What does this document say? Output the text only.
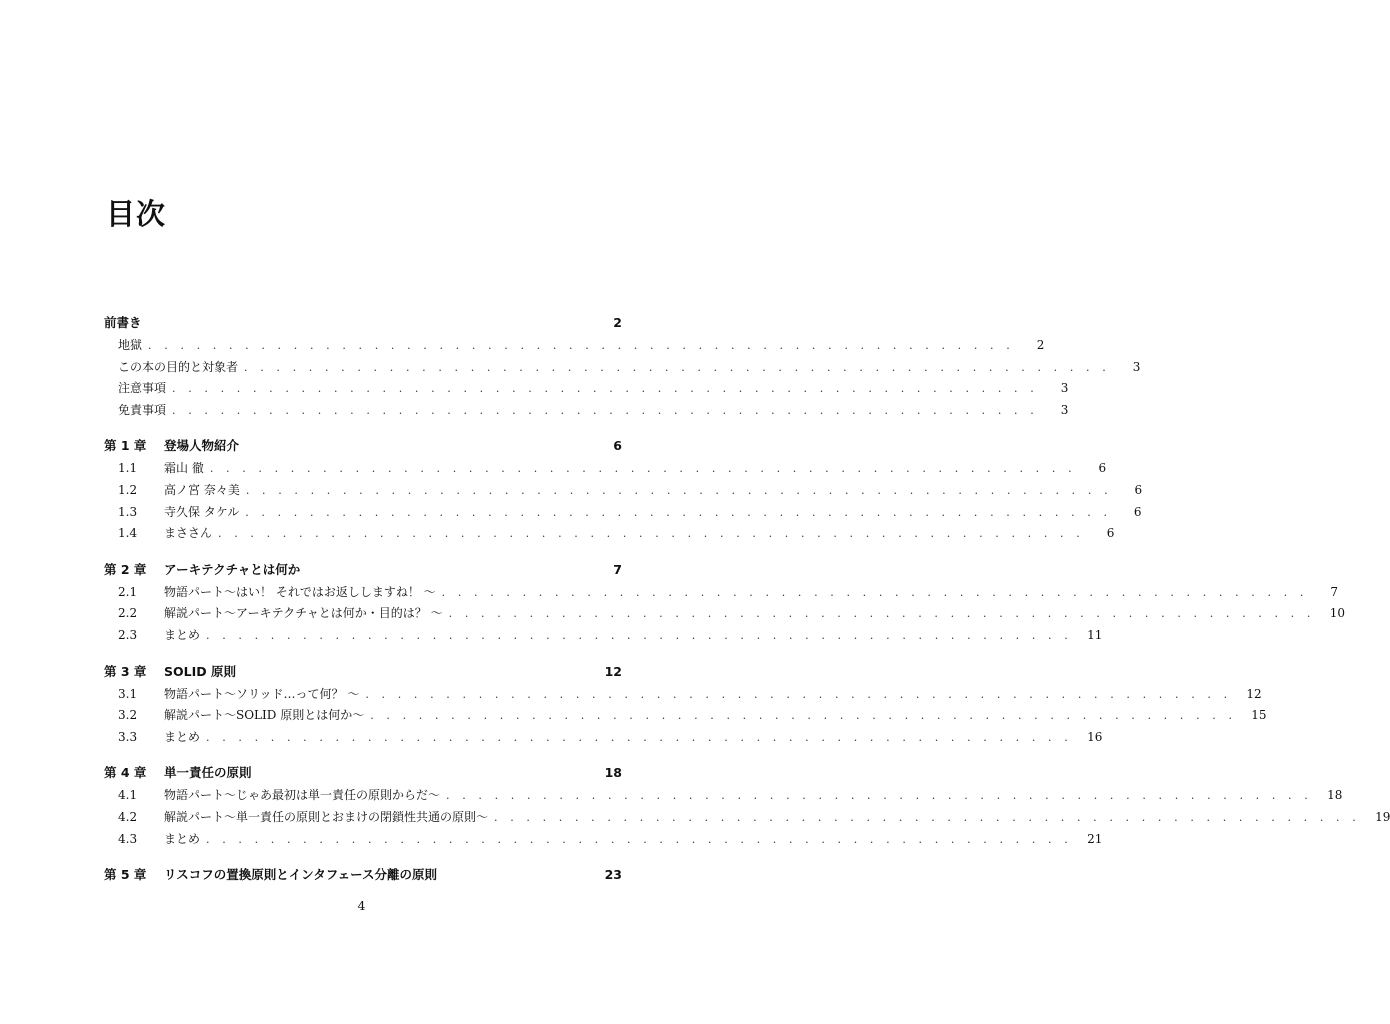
目次
前書き	2
地獄 . . . . . . . . . . . . . . . . . . . . . . . . . . . . . . . . . . . . . . . . . . . . . . . . . . . . . .	2
この本の目的と対象者 . . . . . . . . . . . . . . . . . . . . . . . . . . . . . . . . . . . . . . . . . . . . . . . . . . . . . .	3
注意事項 . . . . . . . . . . . . . . . . . . . . . . . . . . . . . . . . . . . . . . . . . . . . . . . . . . . . . .	3
免責事項 . . . . . . . . . . . . . . . . . . . . . . . . . . . . . . . . . . . . . . . . . . . . . . . . . . . . . .	3
第 1 章	登場人物紹介	6
1.1	霜山 徹 . . . . . . . . . . . . . . . . . . . . . . . . . . . . . . . . . . . . . . . . . . . . . . . . . . . . . .	6
1.2	高ノ宮 奈々美 . . . . . . . . . . . . . . . . . . . . . . . . . . . . . . . . . . . . . . . . . . . . . . . . . . . . . .	6
1.3	寺久保 タケル . . . . . . . . . . . . . . . . . . . . . . . . . . . . . . . . . . . . . . . . . . . . . . . . . . . . . .	6
1.4	まささん . . . . . . . . . . . . . . . . . . . . . . . . . . . . . . . . . . . . . . . . . . . . . . . . . . . . . .	6
第 2 章	アーキテクチャとは何か	7
2.1	物語パート〜はい！ それではお返ししますね！ 〜 . . . . . . . . . . . . . . . . . . . . . . . . . . . . . . . . . . . . . . . . . . . . . . . . . . . . . .	7
2.2	解説パート〜アーキテクチャとは何か・目的は？ 〜 . . . . . . . . . . . . . . . . . . . . . . . . . . . . . . . . . . . . . . . . . . . . . . . . . . . . . .	10
2.3	まとめ . . . . . . . . . . . . . . . . . . . . . . . . . . . . . . . . . . . . . . . . . . . . . . . . . . . . . .	11
第 3 章	SOLID 原則	12
3.1	物語パート〜ソリッド…って何？ 〜 . . . . . . . . . . . . . . . . . . . . . . . . . . . . . . . . . . . . . . . . . . . . . . . . . . . . . .	12
3.2	解説パート〜SOLID 原則とは何か〜 . . . . . . . . . . . . . . . . . . . . . . . . . . . . . . . . . . . . . . . . . . . . . . . . . . . . . .	15
3.3	まとめ . . . . . . . . . . . . . . . . . . . . . . . . . . . . . . . . . . . . . . . . . . . . . . . . . . . . . .	16
第 4 章	単一責任の原則	18
4.1	物語パート〜じゃあ最初は単一責任の原則からだ〜 . . . . . . . . . . . . . . . . . . . . . . . . . . . . . . . . . . . . . . . . . . . . . . . . . . . . . .	18
4.2	解説パート〜単一責任の原則とおまけの閉鎖性共通の原則〜 . . . . . . . . . . . . . . . . . . . . . . . . . . . . . . . . . . . . . . . . . . . . . . . . . . . . . .	19
4.3	まとめ . . . . . . . . . . . . . . . . . . . . . . . . . . . . . . . . . . . . . . . . . . . . . . . . . . . . . .	21
第 5 章	リスコフの置換原則とインタフェース分離の原則	23
4
